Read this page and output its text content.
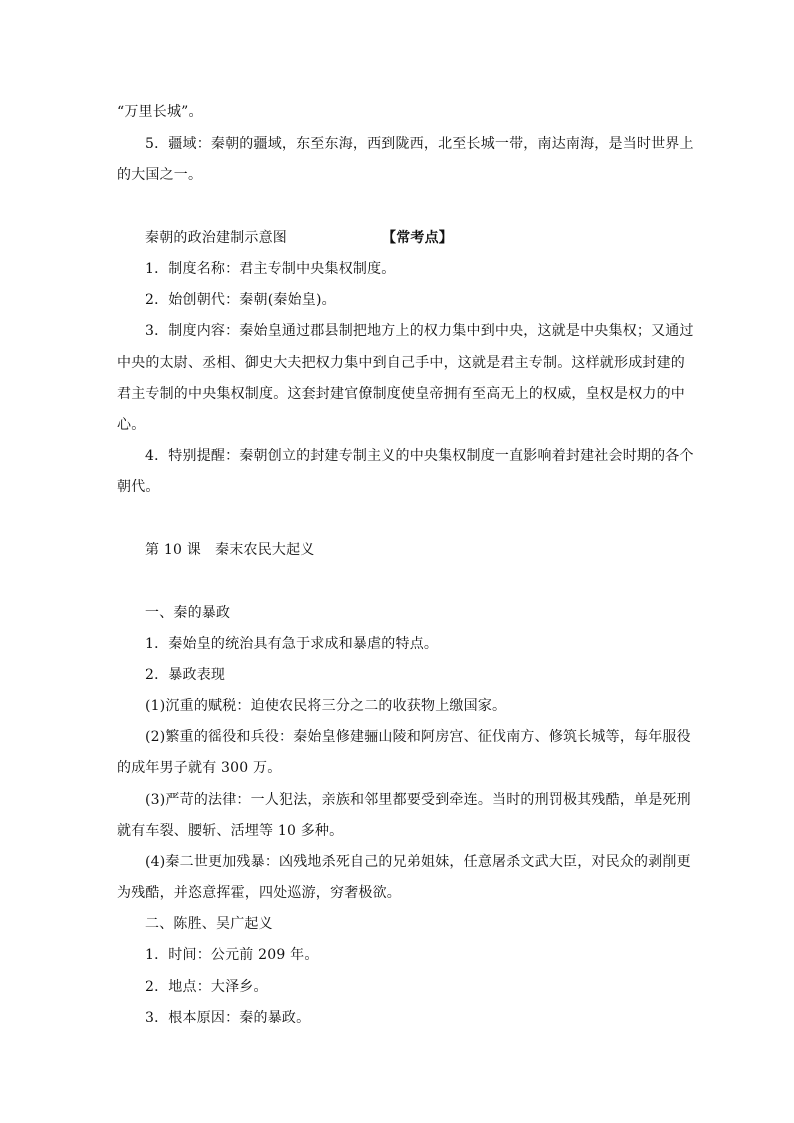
“万里长城”。
5．疆域：秦朝的疆域，东至东海，西到陇西，北至长城一带，南达南海，是当时世界上
的大国之一。
秦朝的政治建制示意图	【常考点】
1．制度名称：君主专制中央集权制度。
2．始创朝代：秦朝(秦始皇)。
3．制度内容：秦始皇通过郡县制把地方上的权力集中到中央，这就是中央集权；又通过
中央的太尉、丞相、御史大夫把权力集中到自己手中，这就是君主专制。这样就形成封建的
君主专制的中央集权制度。这套封建官僚制度使皇帝拥有至高无上的权威，皇权是权力的中
心。
4．特别提醒：秦朝创立的封建专制主义的中央集权制度一直影响着封建社会时期的各个
朝代。
第 10 课　秦末农民大起义
一、秦的暴政
1．秦始皇的统治具有急于求成和暴虐的特点。
2．暴政表现
(1)沉重的赋税：迫使农民将三分之二的收获物上缴国家。
(2)繁重的徭役和兵役：秦始皇修建骊山陵和阿房宫、征伐南方、修筑长城等，每年服役
的成年男子就有 300 万。
(3)严苛的法律：一人犯法，亲族和邻里都要受到牵连。当时的刑罚极其残酷，单是死刑
就有车裂、腰斩、活埋等 10 多种。
(4)秦二世更加残暴：凶残地杀死自己的兄弟姐妹，任意屠杀文武大臣，对民众的剥削更
为残酷，并恣意挥霍，四处巡游，穷奢极欲。
二、陈胜、吴广起义
1．时间：公元前 209 年。
2．地点：大泽乡。
3．根本原因：秦的暴政。
